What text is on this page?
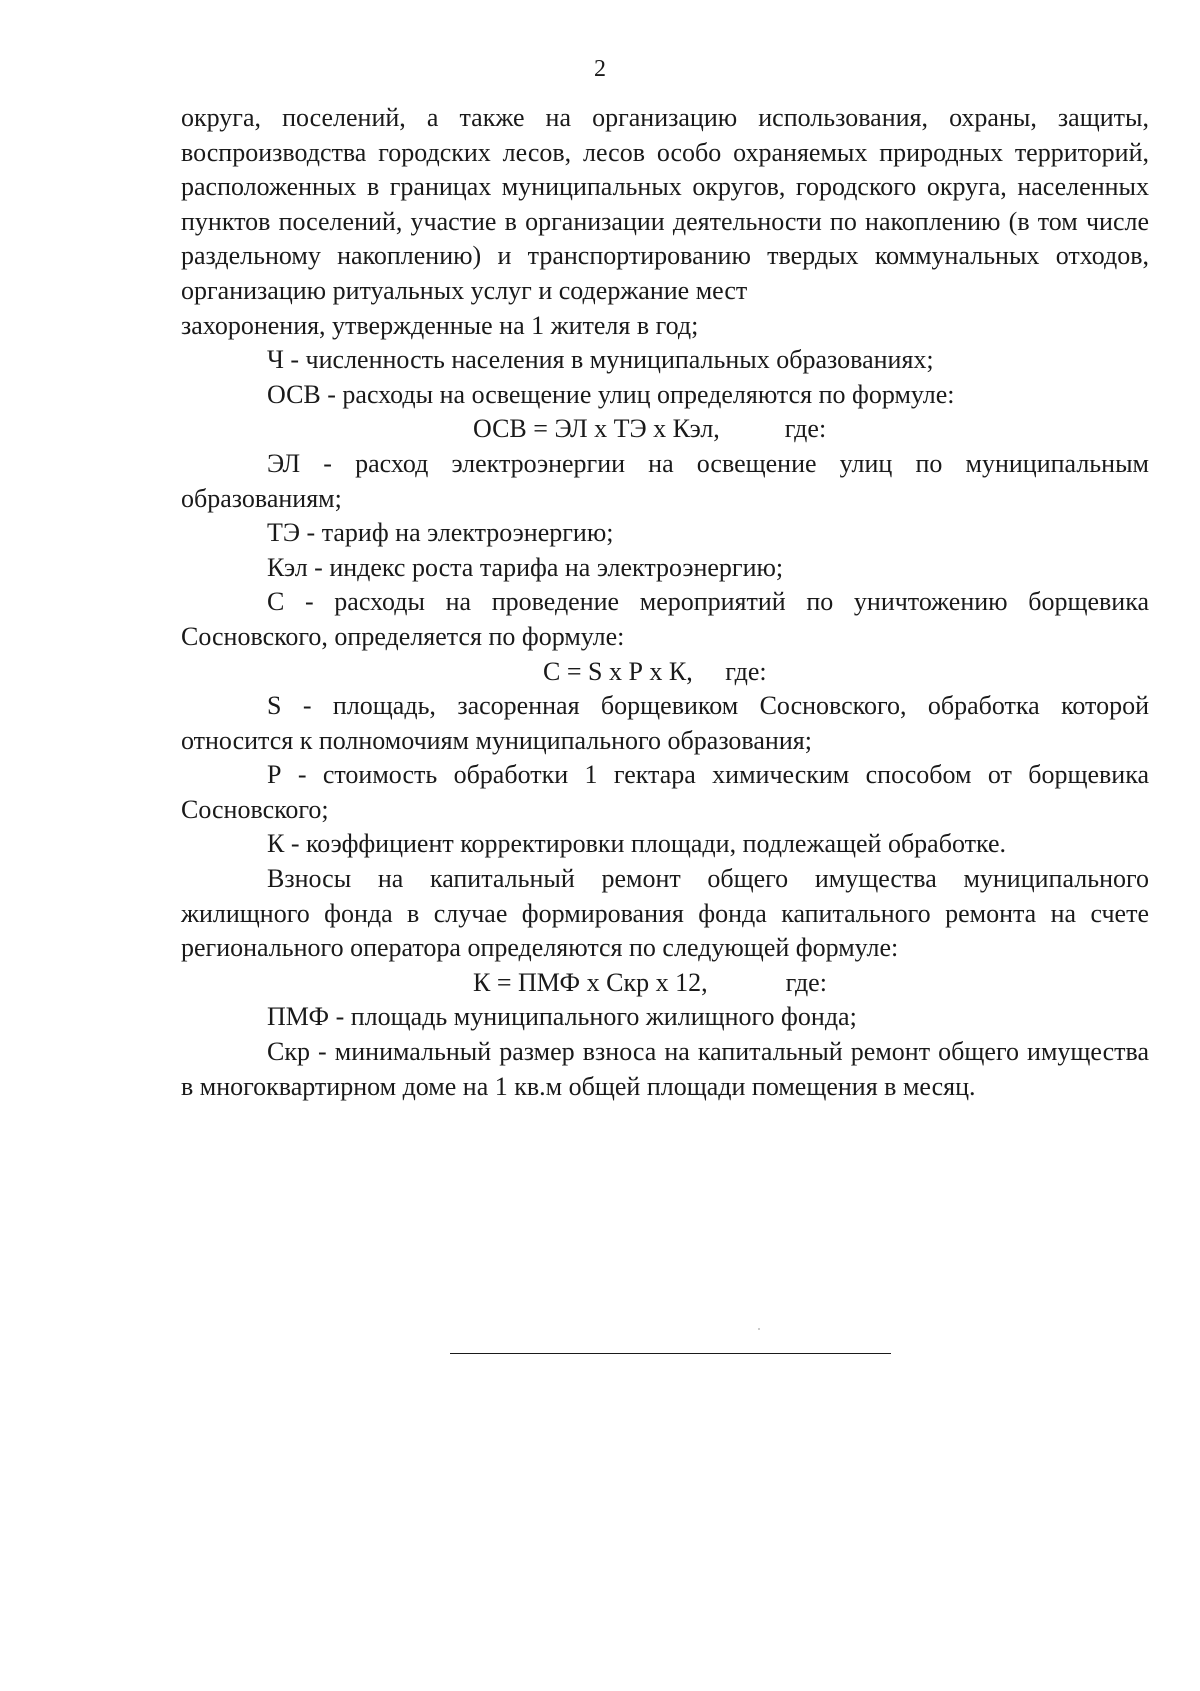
2

округа, поселений, а также на организацию использования, охраны, защиты, воспроизводства городских лесов, лесов особо охраняемых природных территорий, расположенных в границах муниципальных округов, городского округа, населенных пунктов поселений, участие в организации деятельности по накоплению (в том числе раздельному накоплению) и транспортированию твердых коммунальных отходов, организацию ритуальных услуг и содержание мест

захоронения, утвержденные на 1 жителя в год;

Ч - численность населения в муниципальных образованиях;

ОСВ - расходы на освещение улиц определяются по формуле:

ОСВ = ЭЛ х ТЭ х Кэл,          где:

ЭЛ - расход электроэнергии на освещение улиц по муниципальным образованиям;

ТЭ - тариф на электроэнергию;

Кэл - индекс роста тарифа на электроэнергию;

С - расходы на проведение мероприятий по уничтожению борщевика Сосновского, определяется по формуле:

С = S х Р х К,     где:

S - площадь, засоренная борщевиком Сосновского, обработка которой относится к полномочиям муниципального образования;

Р - стоимость обработки 1 гектара химическим способом от борщевика Сосновского;

К - коэффициент корректировки площади, подлежащей обработке.

Взносы на капитальный ремонт общего имущества муниципального жилищного фонда в случае формирования фонда капитального ремонта на счете регионального оператора определяются по следующей формуле:

К = ПМФ х Скр х 12,            где:

ПМФ - площадь муниципального жилищного фонда;

Скр - минимальный размер взноса на капитальный ремонт общего имущества в многоквартирном доме на 1 кв.м общей площади помещения в месяц.
